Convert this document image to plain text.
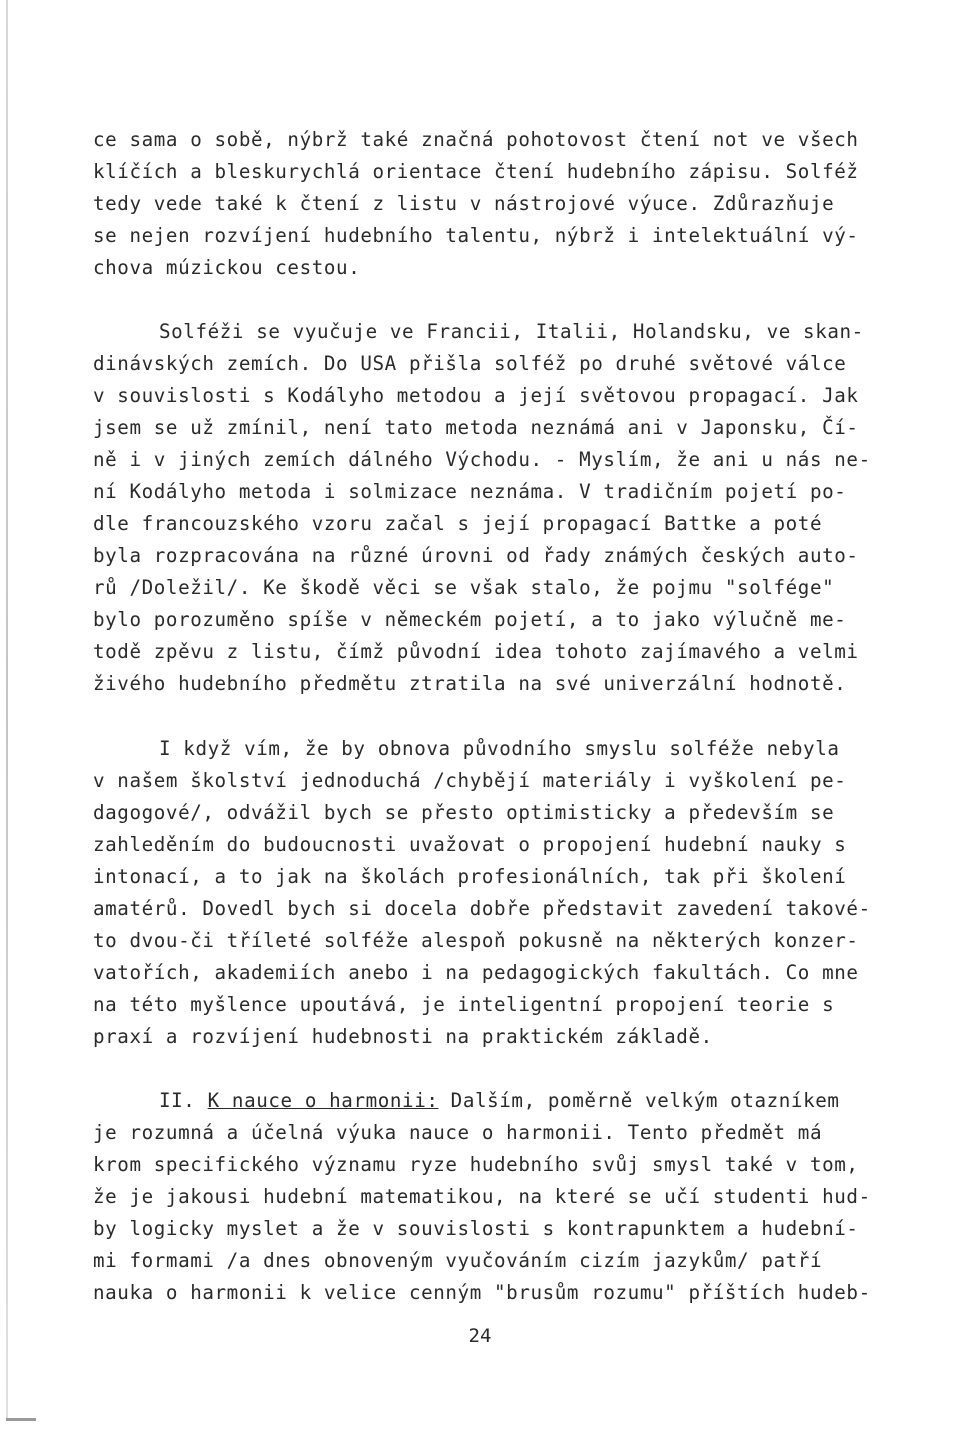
ce sama o sobě, nýbrž také značná pohotovost čtení not ve všech
klíčích a bleskurychlá orientace čtení hudebního zápisu. Solféž
tedy vede také k čtení z listu v nástrojové výuce. Zdůrazňuje
se nejen rozvíjení hudebního talentu, nýbrž i intelektuální vý-
chova múzickou cestou.
Solféži se vyučuje ve Francii, Italii, Holandsku, ve skan-
dinávských zemích. Do USA přišla solféž po druhé světové válce
v souvislosti s Kodályho metodou a její světovou propagací. Jak
jsem se už zmínil, není tato metoda neznámá ani v Japonsku, Čí-
ně i v jiných zemích dálného Východu. - Myslím, že ani u nás ne-
ní Kodályho metoda i solmizace neznáma. V tradičním pojetí po-
dle francouzského vzoru začal s její propagací Battke a poté
byla rozpracována na různé úrovni od řady známých českých auto-
rů /Doležil/. Ke škodě věci se však stalo, že pojmu "solfége"
bylo porozuměno spíše v německém pojetí, a to jako výlučně me-
todě zpěvu z listu, čímž původní idea tohoto zajímavého a velmi
živého hudebního předmětu ztratila na své univerzální hodnotě.
I když vím, že by obnova původního smyslu solféže nebyla
v našem školství jednoduchá /chybějí materiály i vyškolení pe-
dagogové/, odvážil bych se přesto optimisticky a především se
zahleděním do budoucnosti uvažovat o propojení hudební nauky s
intonací, a to jak na školách profesionálních, tak při školení
amatérů. Dovedl bych si docela dobře představit zavedení takové-
to dvou-či tříleté solféže alespoň pokusně na některých konzer-
vatořích, akademiích anebo i na pedagogických fakultách. Co mne
na této myšlence upoutává, je inteligentní propojení teorie s
praxí a rozvíjení hudebnosti na praktickém základě.
II. K nauce o harmonii: Dalším, poměrně velkým otazníkem
je rozumná a účelná výuka nauce o harmonii. Tento předmět má
krom specifického významu ryze hudebního svůj smysl také v tom,
že je jakousi hudební matematikou, na které se učí studenti hud-
by logicky myslet a že v souvislosti s kontrapunktem a hudební-
mi formami /a dnes obnoveným vyučováním cizím jazykům/ patří
nauka o harmonii k velice cenným "brusům rozumu" příštích hudeb-
24
